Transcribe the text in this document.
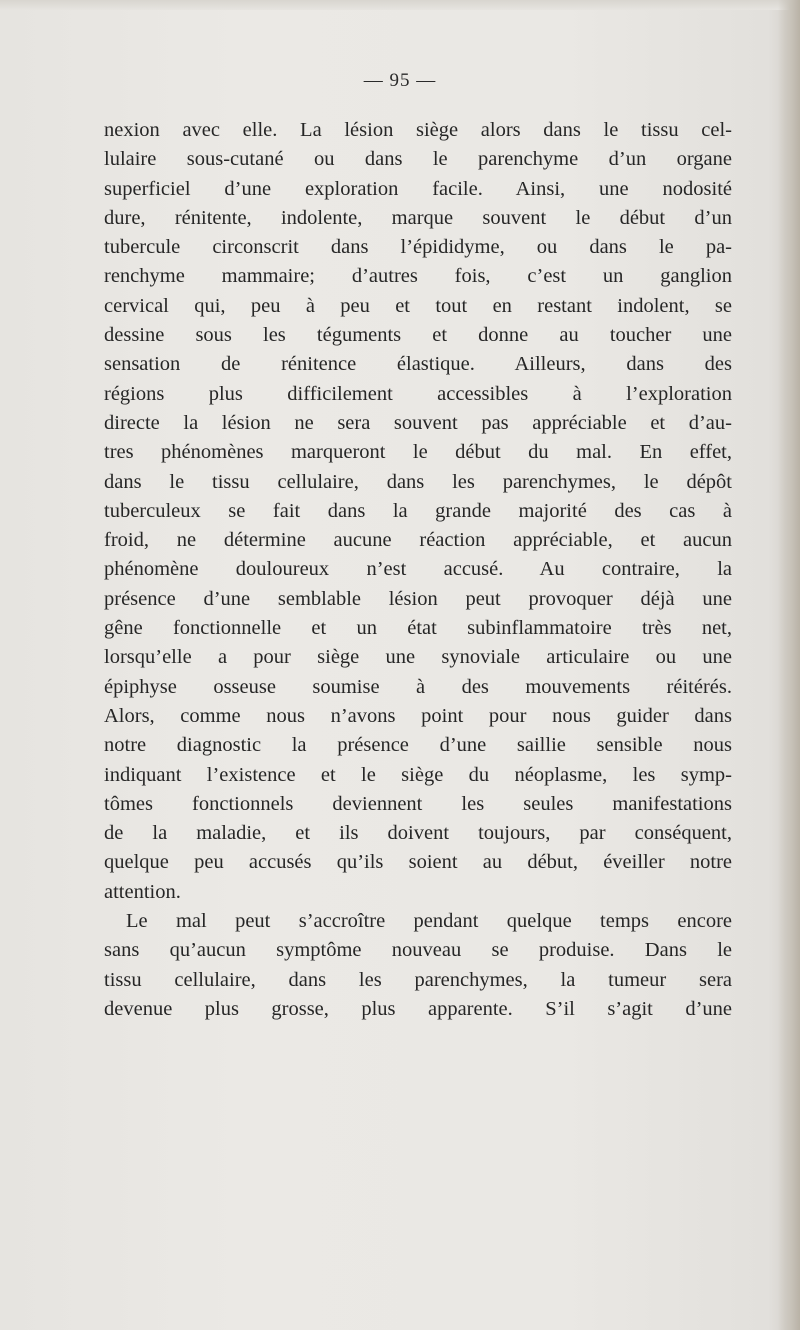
— 95 —

nexion avec elle. La lésion siège alors dans le tissu cel-
lulaire sous-cutané ou dans le parenchyme d’un organe
superficiel d’une exploration facile. Ainsi, une nodosité
dure, rénitente, indolente, marque souvent le début d’un
tubercule circonscrit dans l’épididyme, ou dans le pa-
renchyme mammaire; d’autres fois, c’est un ganglion
cervical qui, peu à peu et tout en restant indolent, se
dessine sous les téguments et donne au toucher une
sensation de rénitence élastique. Ailleurs, dans des
régions plus difficilement accessibles à l’exploration
directe la lésion ne sera souvent pas appréciable et d’au-
tres phénomènes marqueront le début du mal. En effet,
dans le tissu cellulaire, dans les parenchymes, le dépôt
tuberculeux se fait dans la grande majorité des cas à
froid, ne détermine aucune réaction appréciable, et aucun
phénomène douloureux n’est accusé. Au contraire, la
présence d’une semblable lésion peut provoquer déjà une
gêne fonctionnelle et un état subinflammatoire très net,
lorsqu’elle a pour siège une synoviale articulaire ou une
épiphyse osseuse soumise à des mouvements réitérés.
Alors, comme nous n’avons point pour nous guider dans
notre diagnostic la présence d’une saillie sensible nous
indiquant l’existence et le siège du néoplasme, les symp-
tômes fonctionnels deviennent les seules manifestations
de la maladie, et ils doivent toujours, par conséquent,
quelque peu accusés qu’ils soient au début, éveiller notre
attention.

Le mal peut s’accroître pendant quelque temps encore
sans qu’aucun symptôme nouveau se produise. Dans le
tissu cellulaire, dans les parenchymes, la tumeur sera
devenue plus grosse, plus apparente. S’il s’agit d’une
